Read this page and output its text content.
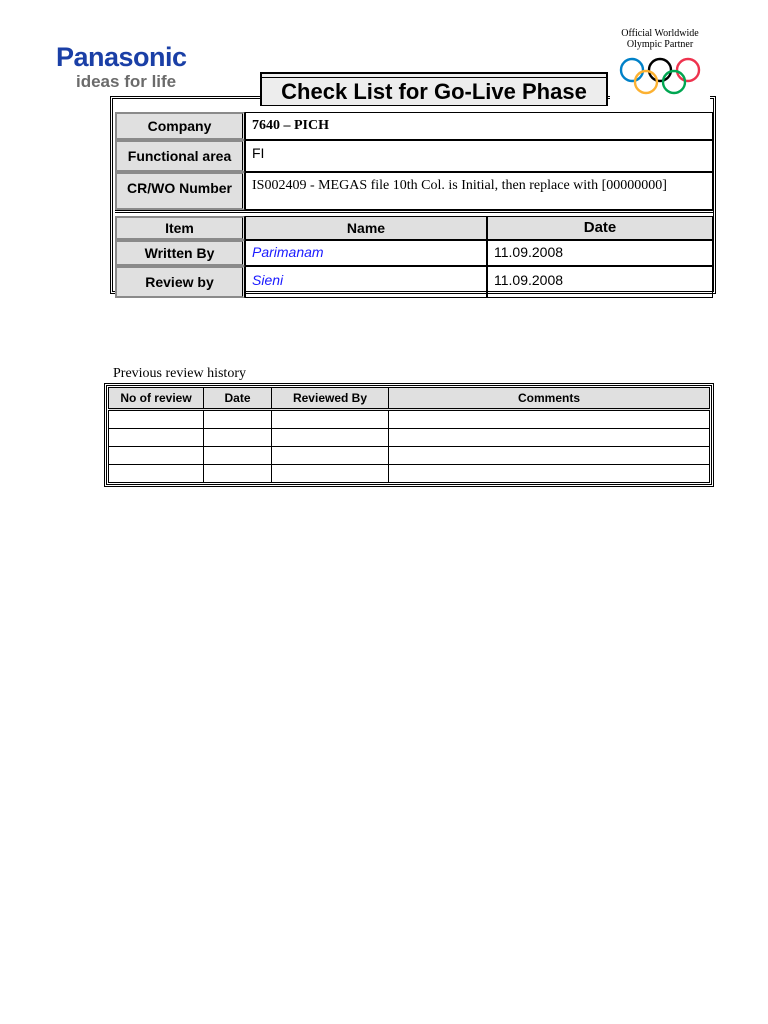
Panasonic
ideas for life
Official Worldwide
Olympic Partner
Check List for Go-Live Phase
Company	7640 – PICH	
Functional area	FI	
CR/WO Number	IS002409 - MEGAS file 10th Col. is Initial, then replace with [00000000]	

Item	Name	Date
Written By	Parimanam	11.09.2008
Review by	Sieni	11.09.2008
Previous review history
No of review	Date	Reviewed By	Comments
